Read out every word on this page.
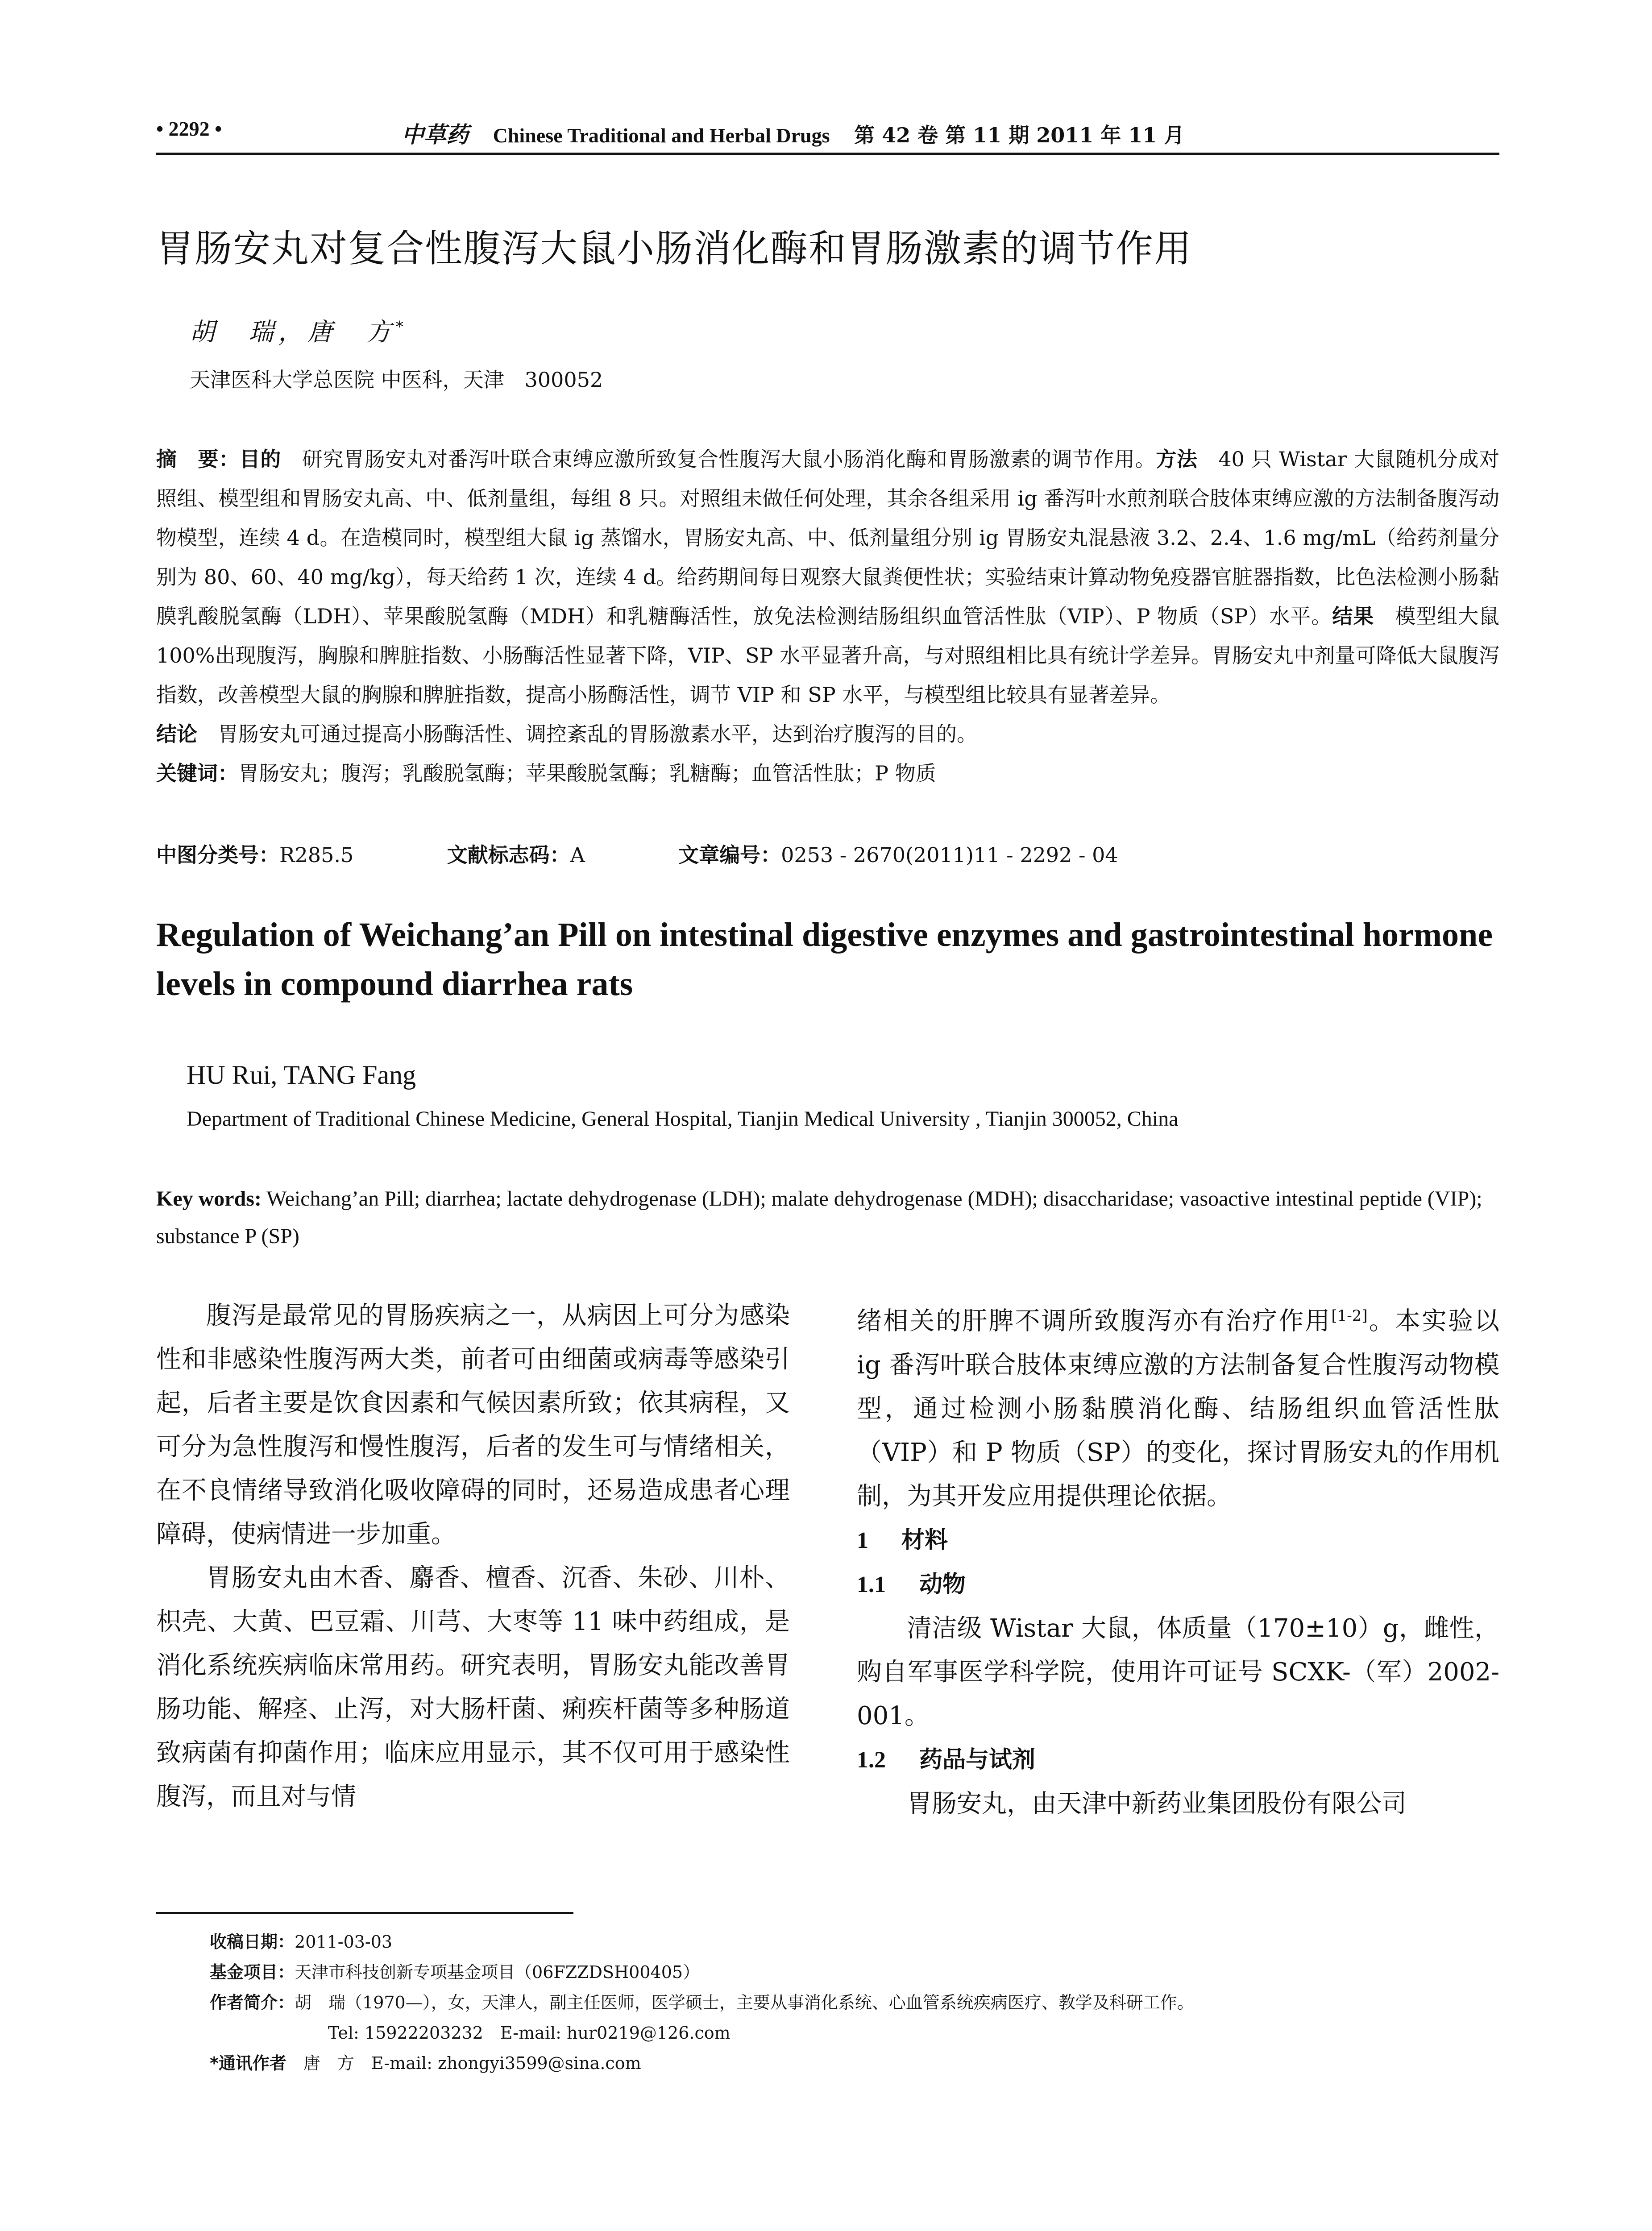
• 2292 •	中草药 Chinese Traditional and Herbal Drugs 第 42 卷 第 11 期 2011 年 11 月
胃肠安丸对复合性腹泻大鼠小肠消化酶和胃肠激素的调节作用
胡　瑞，唐　方*
天津医科大学总医院 中医科，天津　300052
摘　要：目的　 研究胃肠安丸对番泻叶联合束缚应激所致复合性腹泻大鼠小肠消化酶和胃肠激素的调节作用。方法　 40 只 Wistar 大鼠随机分成对照组、模型组和胃肠安丸高、中、低剂量组，每组 8 只。对照组未做任何处理，其余各组采用 ig 番泻叶水煎剂联合肢体束缚应激的方法制备腹泻动物模型，连续 4 d。在造模同时，模型组大鼠 ig 蒸馏水，胃肠安丸高、中、低剂量组分别 ig 胃肠安丸混悬液 3.2、2.4、1.6 mg/mL（给药剂量分别为 80、60、40 mg/kg），每天给药 1 次，连续 4 d。给药期间每日观察大鼠粪便性状；实验结束计算动物免疫器官脏器指数，比色法检测小肠黏膜乳酸脱氢酶（LDH）、苹果酸脱氢酶（MDH）和乳糖酶活性，放免法检测结肠组织血管活性肽（VIP）、P 物质（SP）水平。结果　 模型组大鼠 100%出现腹泻，胸腺和脾脏指数、小肠酶活性显著下降，VIP、SP 水平显著升高，与对照组相比具有统计学差异。胃肠安丸中剂量可降低大鼠腹泻指数，改善模型大鼠的胸腺和脾脏指数，提高小肠酶活性，调节 VIP 和 SP 水平，与模型组比较具有显著差异。
结论　 胃肠安丸可通过提高小肠酶活性、调控紊乱的胃肠激素水平，达到治疗腹泻的目的。
关键词：胃肠安丸；腹泻；乳酸脱氢酶；苹果酸脱氢酶；乳糖酶；血管活性肽；P 物质
中图分类号：R285.5	文献标志码：A	文章编号：0253 - 2670(2011)11 - 2292 - 04
Regulation of Weichang’an Pill on intestinal digestive enzymes and gastrointestinal hormone levels in compound diarrhea rats
HU Rui, TANG Fang
Department of Traditional Chinese Medicine, General Hospital, Tianjin Medical University , Tianjin 300052, China
Key words: Weichang’an Pill; diarrhea; lactate dehydrogenase (LDH); malate dehydrogenase (MDH); disaccharidase; vasoactive intestinal peptide (VIP); substance P (SP)

腹泻是最常见的胃肠疾病之一，从病因上可分为感染性和非感染性腹泻两大类，前者可由细菌或病毒等感染引起，后者主要是饮食因素和气候因素所致；依其病程，又可分为急性腹泻和慢性腹泻，后者的发生可与情绪相关，在不良情绪导致消化吸收障碍的同时，还易造成患者心理障碍，使病情进一步加重。

胃肠安丸由木香、麝香、檀香、沉香、朱砂、川朴、枳壳、大黄、巴豆霜、川芎、大枣等 11 味中药组成，是消化系统疾病临床常用药。研究表明，胃肠安丸能改善胃肠功能、解痉、止泻，对大肠杆菌、痢疾杆菌等多种肠道致病菌有抑菌作用；临床应用显示，其不仅可用于感染性腹泻，而且对与情

绪相关的肝脾不调所致腹泻亦有治疗作用[1-2]。本实验以 ig 番泻叶联合肢体束缚应激的方法制备复合性腹泻动物模型，通过检测小肠黏膜消化酶、结肠组织血管活性肽（VIP）和 P 物质（SP）的变化，探讨胃肠安丸的作用机制，为其开发应用提供理论依据。

1 材料

1.1 动物

清洁级 Wistar 大鼠，体质量（170±10）g，雌性，购自军事医学科学院，使用许可证号 SCXK-（军）2002-001。

1.2 药品与试剂

胃肠安丸，由天津中新药业集团股份有限公司

收稿日期：2011-03-03
基金项目：天津市科技创新专项基金项目（06FZZDSH00405）
作者简介：胡　瑞（1970—），女，天津人，副主任医师，医学硕士，主要从事消化系统、心血管系统疾病医疗、教学及科研工作。
Tel: 15922203232　E-mail: hur0219@126.com
*通讯作者　 唐　方　E-mail: zhongyi3599@sina.com
